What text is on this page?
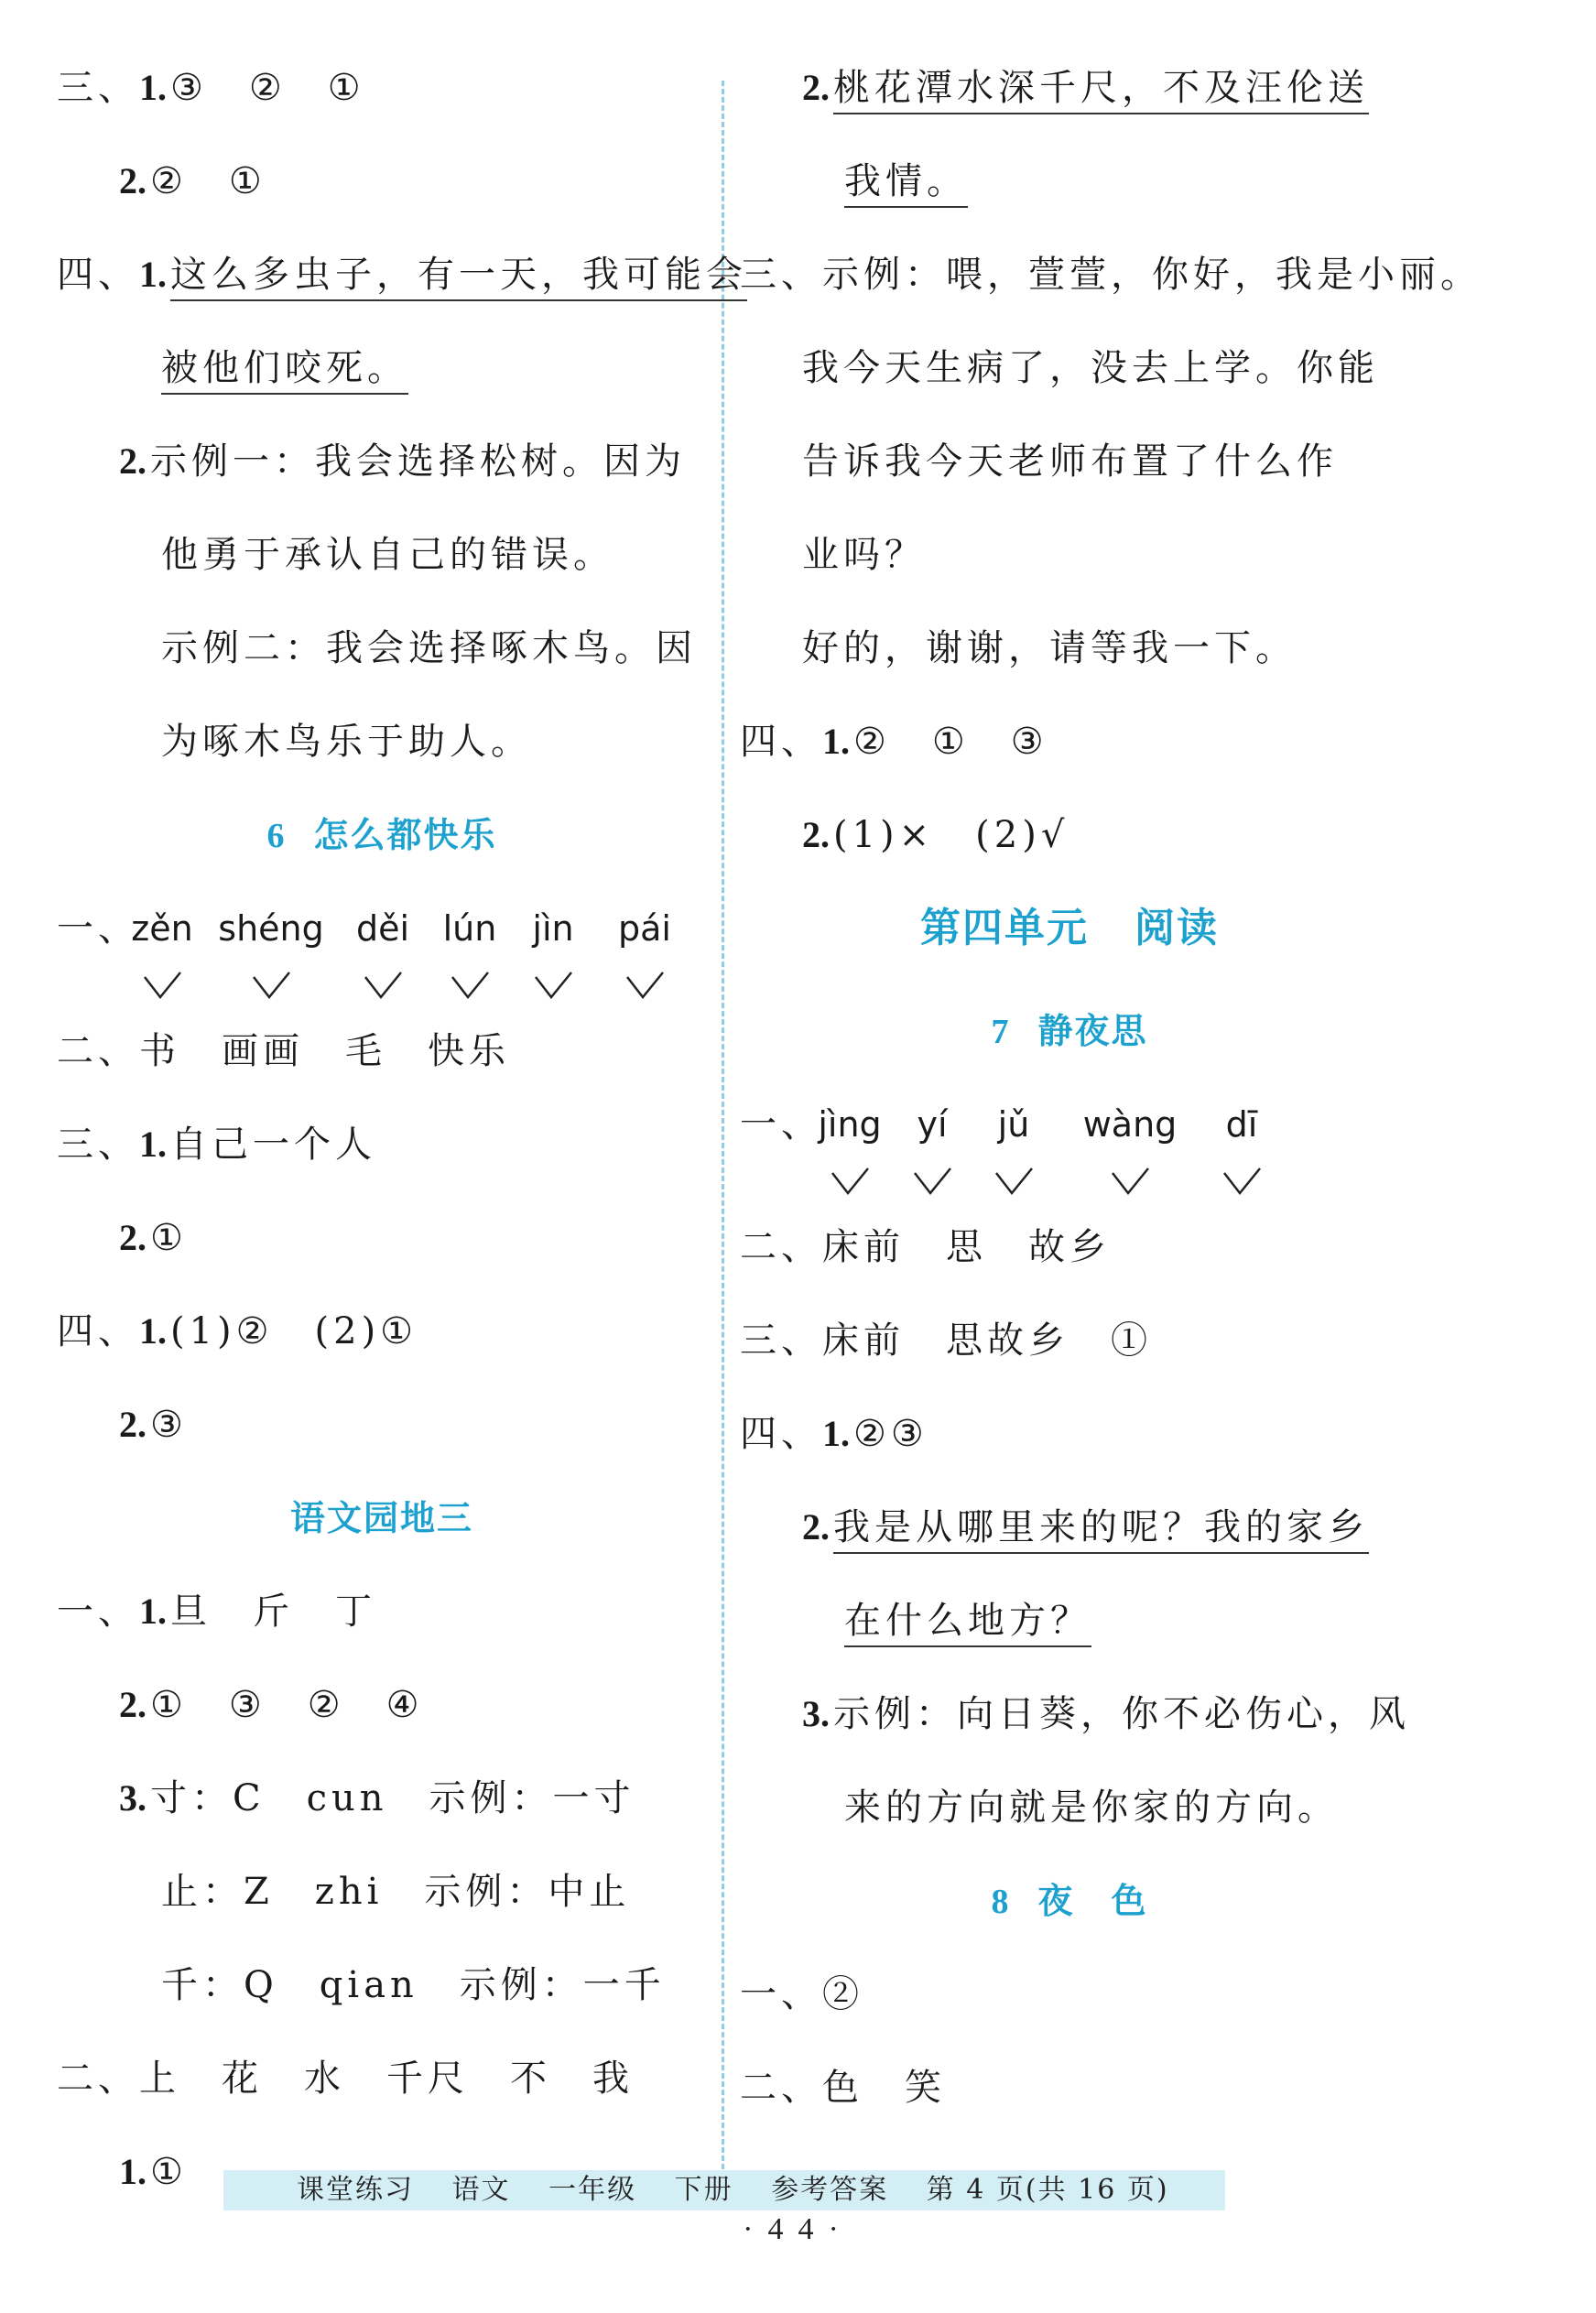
三、1. ③　②　①
2. ②　①
四、1. 这么多虫子，有一天，我可能会
被他们咬死。
2. 示例一：我会选择松树。因为
他勇于承认自己的错误。
示例二：我会选择啄木鸟。因
为啄木鸟乐于助人。
6 怎么都快乐
一、
zěn shéng děi lún jìn	pái
二、书　画画　毛　快乐
三、1. 自己一个人
2. ①
四、1. (1)②　(2)①
2. ③
语文园地三
一、1. 旦　斤　丁
2. ①　③　②　④
3. 寸：C　cun　示例：一寸
止：Z　zhi　示例：中止
千：Q　qian　示例：一千
二、上　花　水　千尺　不　我
1. ①
2. 桃花潭水深千尺，不及汪伦送
我情。
三、示例：喂，萱萱，你好，我是小丽。
我今天生病了，没去上学。你能
告诉我今天老师布置了什么作
业吗？
好的，谢谢，请等我一下。
四、1. ②　①　③
2. (1)×　(2)√
第四单元 阅读
7 静夜思
一、
jìng	yí	jǔ	wàng	dī
二、床前　思　故乡
三、床前　思故乡　①
四、1. ②③
2. 我是从哪里来的呢？我的家乡
在什么地方？
3. 示例：向日葵，你不必伤心，风
来的方向就是你家的方向。
8 夜　色
一、②
二、色　笑
课堂练习 语文 一年级 下册 参考答案 第 4 页(共 16 页)
·44·
